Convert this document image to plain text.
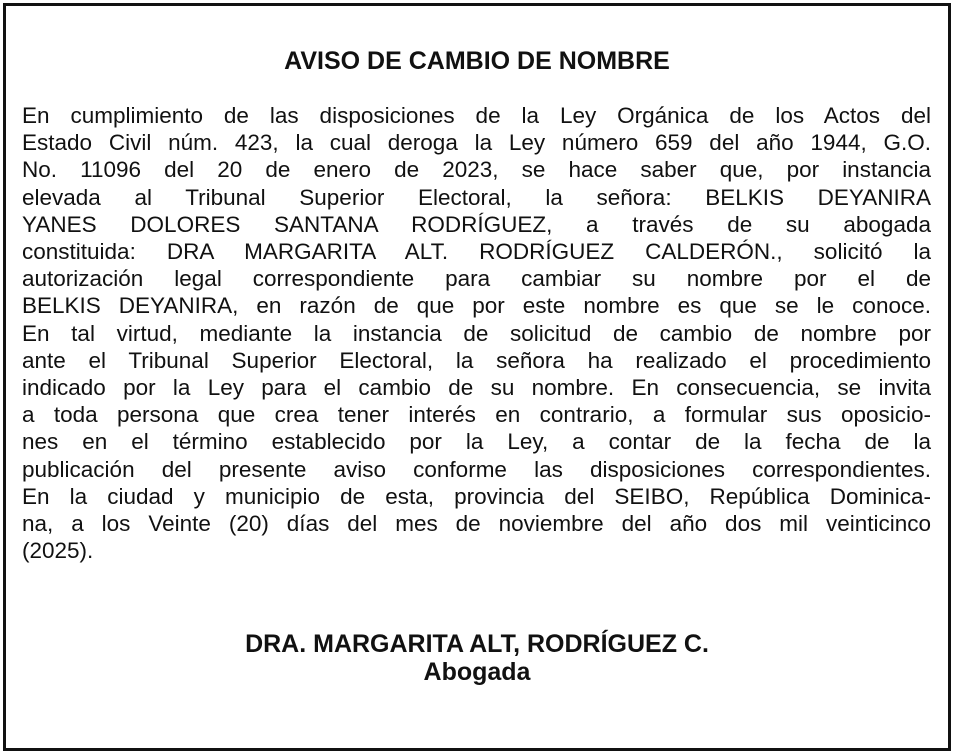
AVISO DE CAMBIO DE NOMBRE
En cumplimiento de las disposiciones de la Ley Orgánica de los Actos del
Estado Civil núm. 423, la cual deroga la Ley número 659 del año 1944, G.O.
No. 11096 del 20 de enero de 2023, se hace saber que, por instancia
elevada al Tribunal Superior Electoral, la señora: BELKIS DEYANIRA
YANES DOLORES SANTANA RODRÍGUEZ, a través de su abogada
constituida: DRA MARGARITA ALT. RODRÍGUEZ CALDERÓN., solicitó la
autorización legal correspondiente para cambiar su nombre por el de
BELKIS DEYANIRA, en razón de que por este nombre es que se le conoce.
En tal virtud, mediante la instancia de solicitud de cambio de nombre por
ante el Tribunal Superior Electoral, la señora ha realizado el procedimiento
indicado por la Ley para el cambio de su nombre. En consecuencia, se invita
a toda persona que crea tener interés en contrario, a formular sus oposicio-
nes en el término establecido por la Ley, a contar de la fecha de la
publicación del presente aviso conforme las disposiciones correspondientes.
En la ciudad y municipio de esta, provincia del SEIBO, República Dominica-
na, a los Veinte (20) días del mes de noviembre del año dos mil veinticinco
(2025).
DRA. MARGARITA ALT, RODRÍGUEZ C.
Abogada
